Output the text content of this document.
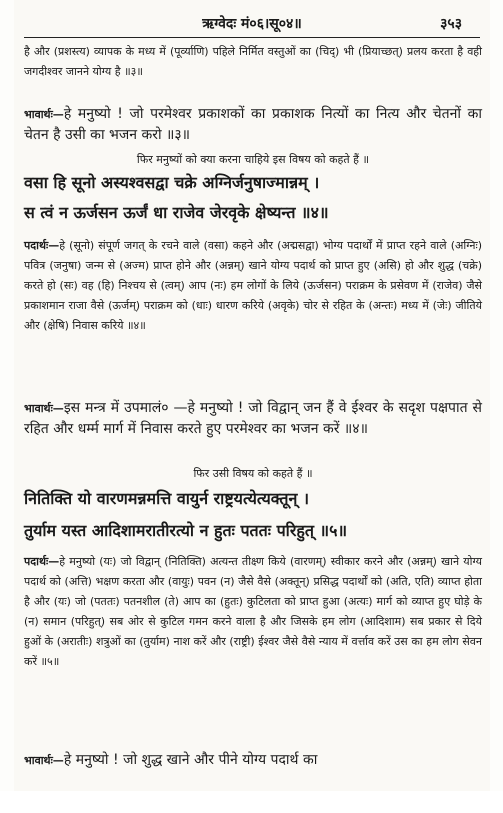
ऋग्वेदः मं०६।सू०४॥	३५३
है और (प्रशस्त्य) व्यापक के मध्य में (पूर्व्याणि) पहिले निर्मित वस्तुओं का (चिद्) भी (प्रियाच्छत्) प्रलय करता है वही जगदीश्वर जानने योग्य है ॥३॥
भावार्थः—हे मनुष्यो ! जो परमेश्वर प्रकाशकों का प्रकाशक नित्यों का नित्य और चेतनों का चेतन है उसी का भजन करो ॥३॥
फिर मनुष्यों को क्या करना चाहिये इस विषय को कहते हैं ॥
वसा हि सूनो अस्यश्वसद्वा चक्रे अग्निर्जनुषाज्मान्नम् ।
स त्वं न ऊर्जसन ऊर्जं धा राजेव जेरवृके क्षेष्यन्त ॥४॥
पदार्थः—हे (सूनो) संपूर्ण जगत् के रचने वाले (वसा) कहने और (अद्मसद्वा) भोग्य पदार्थों में प्राप्त रहने वाले (अग्निः) पवित्र (जनुषा) जन्म से (अज्म) प्राप्त होने और (अन्नम्) खाने योग्य पदार्थ को प्राप्त हुए (असि) हो और शुद्ध (चक्रे) करते हो (सः) वह (हि) निश्चय से (त्वम्) आप (नः) हम लोगों के लिये (ऊर्जसन) पराक्रम के प्रसेवण में (राजेव) जैसे प्रकाशमान राजा वैसे (ऊर्जम्) पराक्रम को (धाः) धारण करिये (अवृके) चोर से रहित के (अन्तः) मध्य में (जेः) जीतिये और (क्षेषि) निवास करिये ॥४॥
भावार्थः—इस मन्त्र में उपमालं० —हे मनुष्यो ! जो विद्वान् जन हैं वे ईश्वर के सदृश पक्षपात से रहित और धर्म्म मार्ग में निवास करते हुए परमेश्वर का भजन करें ॥४॥
फिर उसी विषय को कहते हैं ॥
नितिक्ति यो वारणमन्नमत्ति वायुर्न राष्ट्रयत्येत्यक्तून् ।
तुर्याम यस्त आदिशामरातीरत्यो न हुतः पततः परिहुत् ॥५॥
पदार्थः—हे मनुष्यो (यः) जो विद्वान् (नितिक्ति) अत्यन्त तीक्ष्ण किये (वारणम्) स्वीकार करने और (अन्नम्) खाने योग्य पदार्थ को (अत्ति) भक्षण करता और (वायुः) पवन (न) जैसे वैसे (अक्तून्) प्रसिद्ध पदार्थों को (अति, एति) व्याप्त होता है और (यः) जो (पततः) पतनशील (ते) आप का (हुतः) कुटिलता को प्राप्त हुआ (अत्यः) मार्ग को व्याप्त हुए घोड़े के (न) समान (परिहुत्) सब ओर से कुटिल गमन करने वाला है और जिसके हम लोग (आदिशाम) सब प्रकार से दिये हुओं के (अरातीः) शत्रुओं का (तुर्याम) नाश करें और (राष्ट्री) ईश्वर जैसे वैसे न्याय में वर्त्ताव करें उस का हम लोग सेवन करें ॥५॥
भावार्थः—हे मनुष्यो ! जो शुद्ध खाने और पीने योग्य पदार्थ का
